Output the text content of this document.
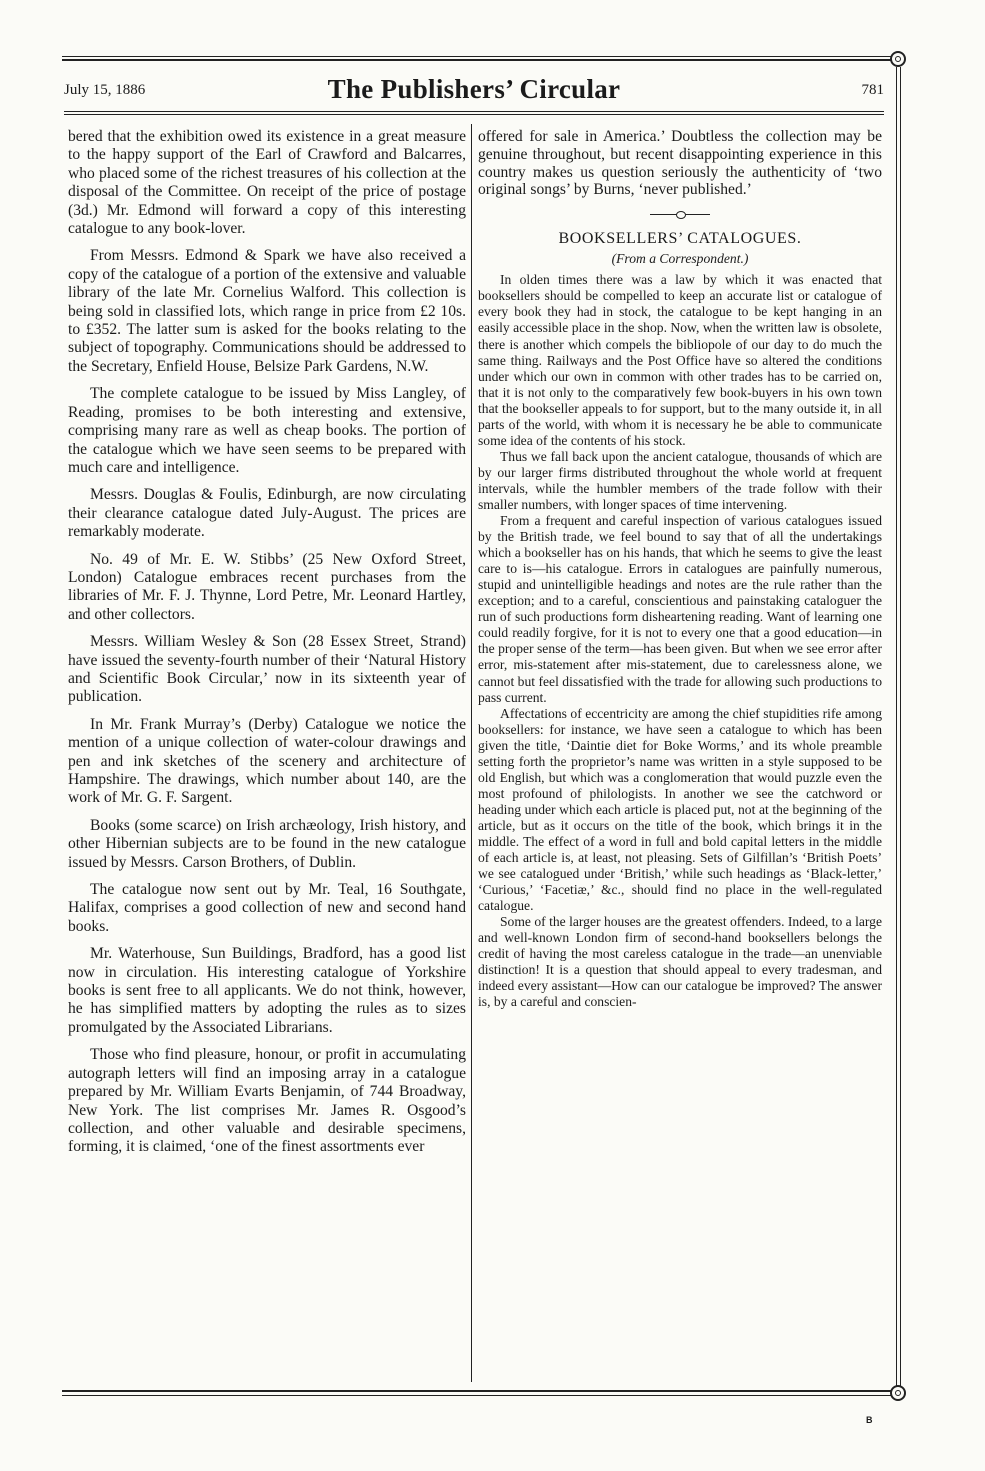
July 15, 1886	The Publishers’ Circular	781

bered that the exhibition owed its existence in a great measure to the happy support of the Earl of Crawford and Balcarres, who placed some of the richest treasures of his collection at the disposal of the Committee. On receipt of the price of postage (3d.) Mr. Edmond will forward a copy of this interesting catalogue to any book-lover.

From Messrs. Edmond & Spark we have also received a copy of the catalogue of a portion of the extensive and valuable library of the late Mr. Cornelius Walford. This collection is being sold in classified lots, which range in price from £2 10s. to £352. The latter sum is asked for the books relating to the subject of topography. Communications should be addressed to the Secretary, Enfield House, Belsize Park Gardens, N.W.

The complete catalogue to be issued by Miss Langley, of Reading, promises to be both interesting and extensive, comprising many rare as well as cheap books. The portion of the catalogue which we have seen seems to be prepared with much care and intelligence.

Messrs. Douglas & Foulis, Edinburgh, are now circulating their clearance catalogue dated July-August. The prices are remarkably moderate.

No. 49 of Mr. E. W. Stibbs’ (25 New Oxford Street, London) Catalogue embraces recent purchases from the libraries of Mr. F. J. Thynne, Lord Petre, Mr. Leonard Hartley, and other collectors.

Messrs. William Wesley & Son (28 Essex Street, Strand) have issued the seventy-fourth number of their ‘Natural History and Scientific Book Circular,’ now in its sixteenth year of publication.

In Mr. Frank Murray’s (Derby) Catalogue we notice the mention of a unique collection of water-colour drawings and pen and ink sketches of the scenery and architecture of Hampshire. The drawings, which number about 140, are the work of Mr. G. F. Sargent.

Books (some scarce) on Irish archæology, Irish history, and other Hibernian subjects are to be found in the new catalogue issued by Messrs. Carson Brothers, of Dublin.

The catalogue now sent out by Mr. Teal, 16 Southgate, Halifax, comprises a good collection of new and second hand books.

Mr. Waterhouse, Sun Buildings, Bradford, has a good list now in circulation. His interesting catalogue of Yorkshire books is sent free to all applicants. We do not think, however, he has simplified matters by adopting the rules as to sizes promulgated by the Associated Librarians.

Those who find pleasure, honour, or profit in accumulating autograph letters will find an imposing array in a catalogue prepared by Mr. William Evarts Benjamin, of 744 Broadway, New York. The list comprises Mr. James R. Osgood’s collection, and other valuable and desirable specimens, forming, it is claimed, ‘one of the finest assortments ever

offered for sale in America.’ Doubtless the collection may be genuine throughout, but recent disappointing experience in this country makes us question seriously the authenticity of ‘two original songs’ by Burns, ‘never published.’

BOOKSELLERS’ CATALOGUES.
(From a Correspondent.)

In olden times there was a law by which it was enacted that booksellers should be compelled to keep an accurate list or catalogue of every book they had in stock, the catalogue to be kept hanging in an easily accessible place in the shop. Now, when the written law is obsolete, there is another which compels the bibliopole of our day to do much the same thing. Railways and the Post Office have so altered the conditions under which our own in common with other trades has to be carried on, that it is not only to the comparatively few book-buyers in his own town that the bookseller appeals to for support, but to the many outside it, in all parts of the world, with whom it is necessary he be able to communicate some idea of the contents of his stock.

Thus we fall back upon the ancient catalogue, thousands of which are by our larger firms distributed throughout the whole world at frequent intervals, while the humbler members of the trade follow with their smaller numbers, with longer spaces of time intervening.

From a frequent and careful inspection of various catalogues issued by the British trade, we feel bound to say that of all the undertakings which a bookseller has on his hands, that which he seems to give the least care to is—his catalogue. Errors in catalogues are painfully numerous, stupid and unintelligible headings and notes are the rule rather than the exception; and to a careful, conscientious and painstaking cataloguer the run of such productions form disheartening reading. Want of learning one could readily forgive, for it is not to every one that a good education—in the proper sense of the term—has been given. But when we see error after error, mis-statement after mis-statement, due to carelessness alone, we cannot but feel dissatisfied with the trade for allowing such productions to pass current.

Affectations of eccentricity are among the chief stupidities rife among booksellers: for instance, we have seen a catalogue to which has been given the title, ‘Daintie diet for Boke Worms,’ and its whole preamble setting forth the proprietor’s name was written in a style supposed to be old English, but which was a conglomeration that would puzzle even the most profound of philologists. In another we see the catchword or heading under which each article is placed put, not at the beginning of the article, but as it occurs on the title of the book, which brings it in the middle. The effect of a word in full and bold capital letters in the middle of each article is, at least, not pleasing. Sets of Gilfillan’s ‘British Poets’ we see catalogued under ‘British,’ while such headings as ‘Black-letter,’ ‘Curious,’ ‘Facetiæ,’ &c., should find no place in the well-regulated catalogue.

Some of the larger houses are the greatest offenders. Indeed, to a large and well-known London firm of second-hand booksellers belongs the credit of having the most careless catalogue in the trade—an unenviable distinction! It is a question that should appeal to every tradesman, and indeed every assistant—How can our catalogue be improved? The answer is, by a careful and conscien-

B
